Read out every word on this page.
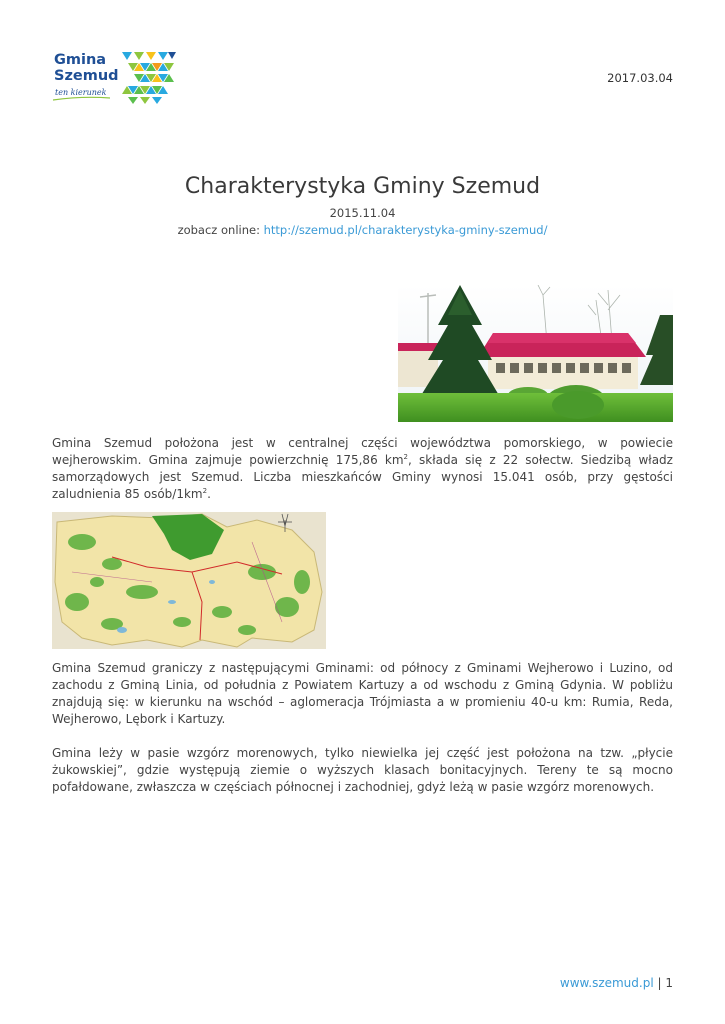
Gmina
Szemud
ten kierunek
2017.03.04
Charakterystyka Gminy Szemud
2015.11.04
zobacz online: http://szemud.pl/charakterystyka-gminy-szemud/

Gmina Szemud położona jest w centralnej części województwa pomorskiego, w powiecie wejherowskim. Gmina zajmuje powierzchnię 175,86 $km^2$, składa się z 22 sołectw. Siedzibą władz samorządowych jest Szemud. Liczba mieszkańców Gminy wynosi 15.041 osób, przy gęstości zaludnienia 85 osób/$1km^2$.

Gmina Szemud graniczy z następującymi Gminami: od północy z Gminami Wejherowo i Luzino, od zachodu z Gminą Linia, od południa z Powiatem Kartuzy a od wschodu z Gminą Gdynia. W pobliżu znajdują się: w kierunku na wschód – aglomeracja Trójmiasta a w promieniu 40-u km: Rumia, Reda, Wejherowo, Lębork i Kartuzy.

Gmina leży w pasie wzgórz morenowych, tylko niewielka jej część jest położona na tzw. „płycie żukowskiej”, gdzie występują ziemie o wyższych klasach bonitacyjnych. Tereny te są mocno pofałdowane, zwłaszcza w częściach północnej i zachodniej, gdyż leżą w pasie wzgórz morenowych.

www.szemud.pl | 1
